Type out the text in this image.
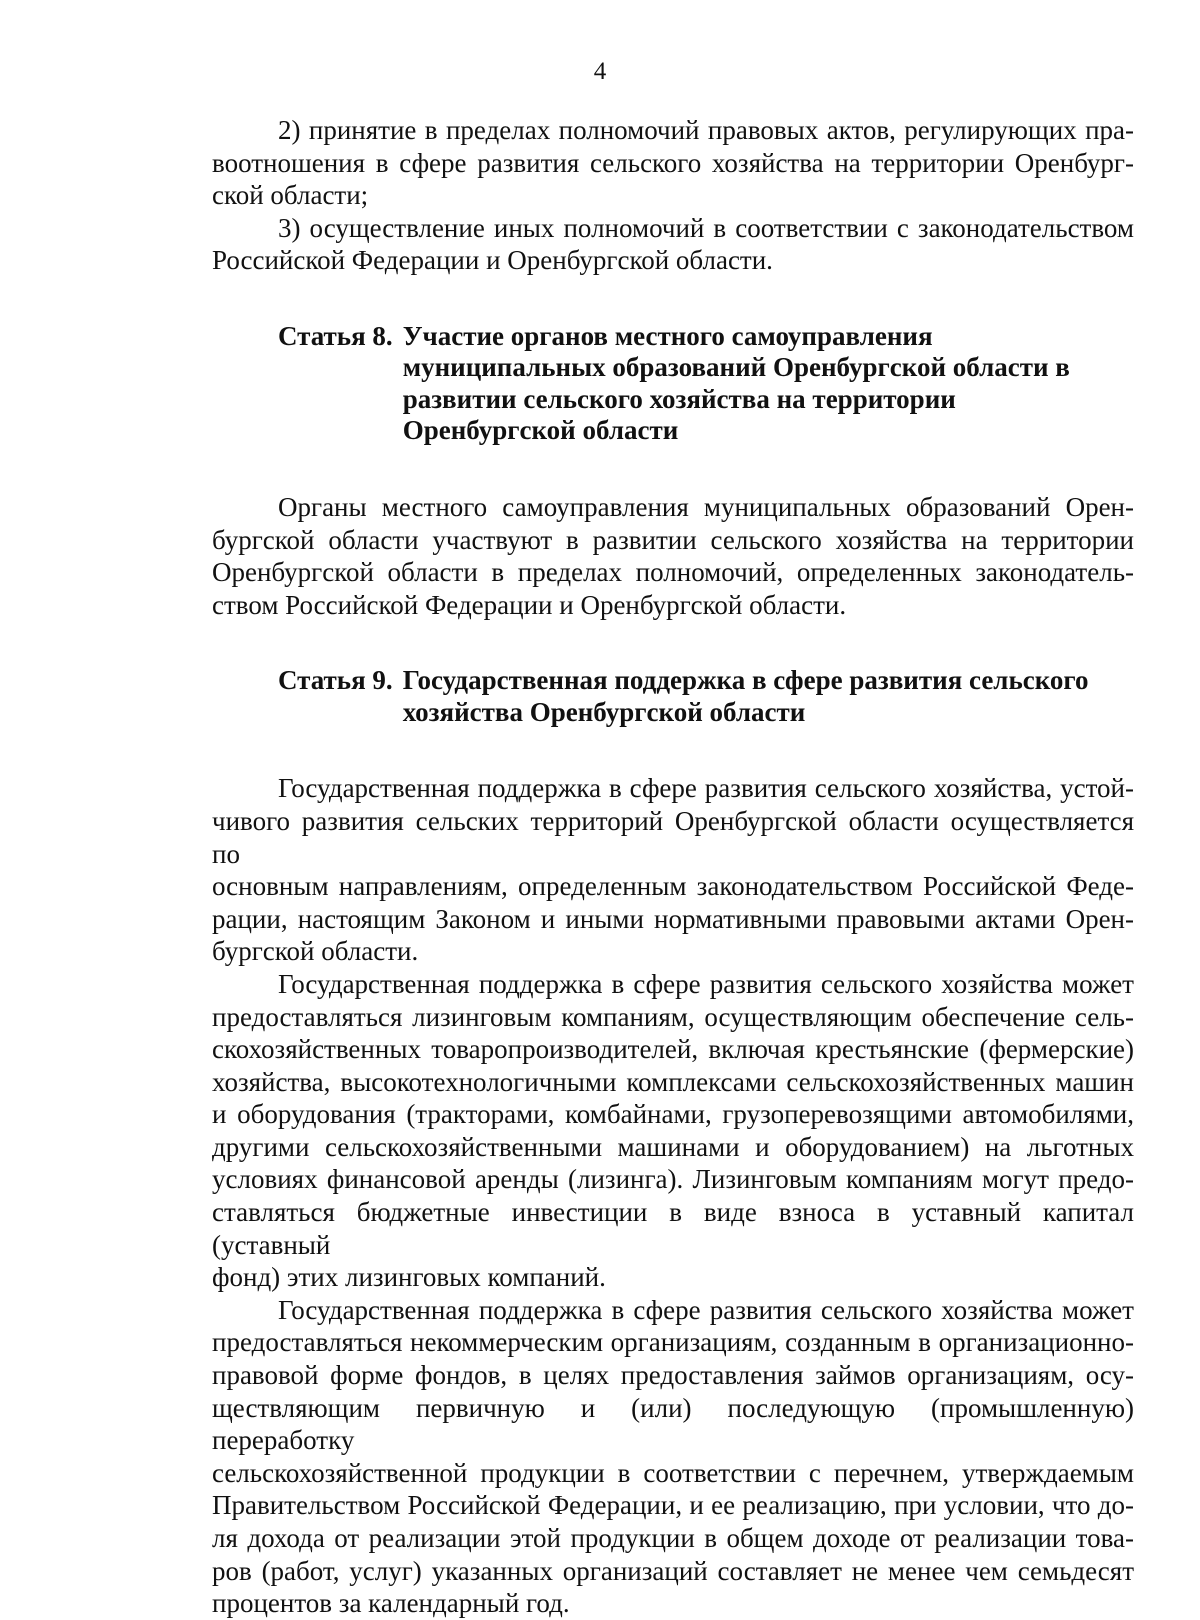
4

2) принятие в пределах полномочий правовых актов, регулирующих пра-
воотношения в сфере развития сельского хозяйства на территории Оренбург-
ской области;

3) осуществление иных полномочий в соответствии с законодательством
Российской Федерации и Оренбургской области.

Статья 8. Участие органов местного самоуправления
муниципальных образований Оренбургской области в
развитии сельского хозяйства на территории
Оренбургской области

Органы местного самоуправления муниципальных образований Орен-
бургской области участвуют в развитии сельского хозяйства на территории
Оренбургской области в пределах полномочий, определенных законодатель-
ством Российской Федерации и Оренбургской области.

Статья 9. Государственная поддержка в сфере развития сельского
хозяйства Оренбургской области

Государственная поддержка в сфере развития сельского хозяйства, устой-
чивого развития сельских территорий Оренбургской области осуществляется по
основным направлениям, определенным законодательством Российской Феде-
рации, настоящим Законом и иными нормативными правовыми актами Орен-
бургской области.

Государственная поддержка в сфере развития сельского хозяйства может
предоставляться лизинговым компаниям, осуществляющим обеспечение сель-
скохозяйственных товаропроизводителей, включая крестьянские (фермерские)
хозяйства, высокотехнологичными комплексами сельскохозяйственных машин
и оборудования (тракторами, комбайнами, грузоперевозящими автомобилями,
другими сельскохозяйственными машинами и оборудованием) на льготных
условиях финансовой аренды (лизинга). Лизинговым компаниям могут предо-
ставляться бюджетные инвестиции в виде взноса в уставный капитал (уставный
фонд) этих лизинговых компаний.

Государственная поддержка в сфере развития сельского хозяйства может
предоставляться некоммерческим организациям, созданным в организационно-
правовой форме фондов, в целях предоставления займов организациям, осу-
ществляющим первичную и (или) последующую (промышленную) переработку
сельскохозяйственной продукции в соответствии с перечнем, утверждаемым
Правительством Российской Федерации, и ее реализацию, при условии, что до-
ля дохода от реализации этой продукции в общем доходе от реализации това-
ров (работ, услуг) указанных организаций составляет не менее чем семьдесят
процентов за календарный год.
